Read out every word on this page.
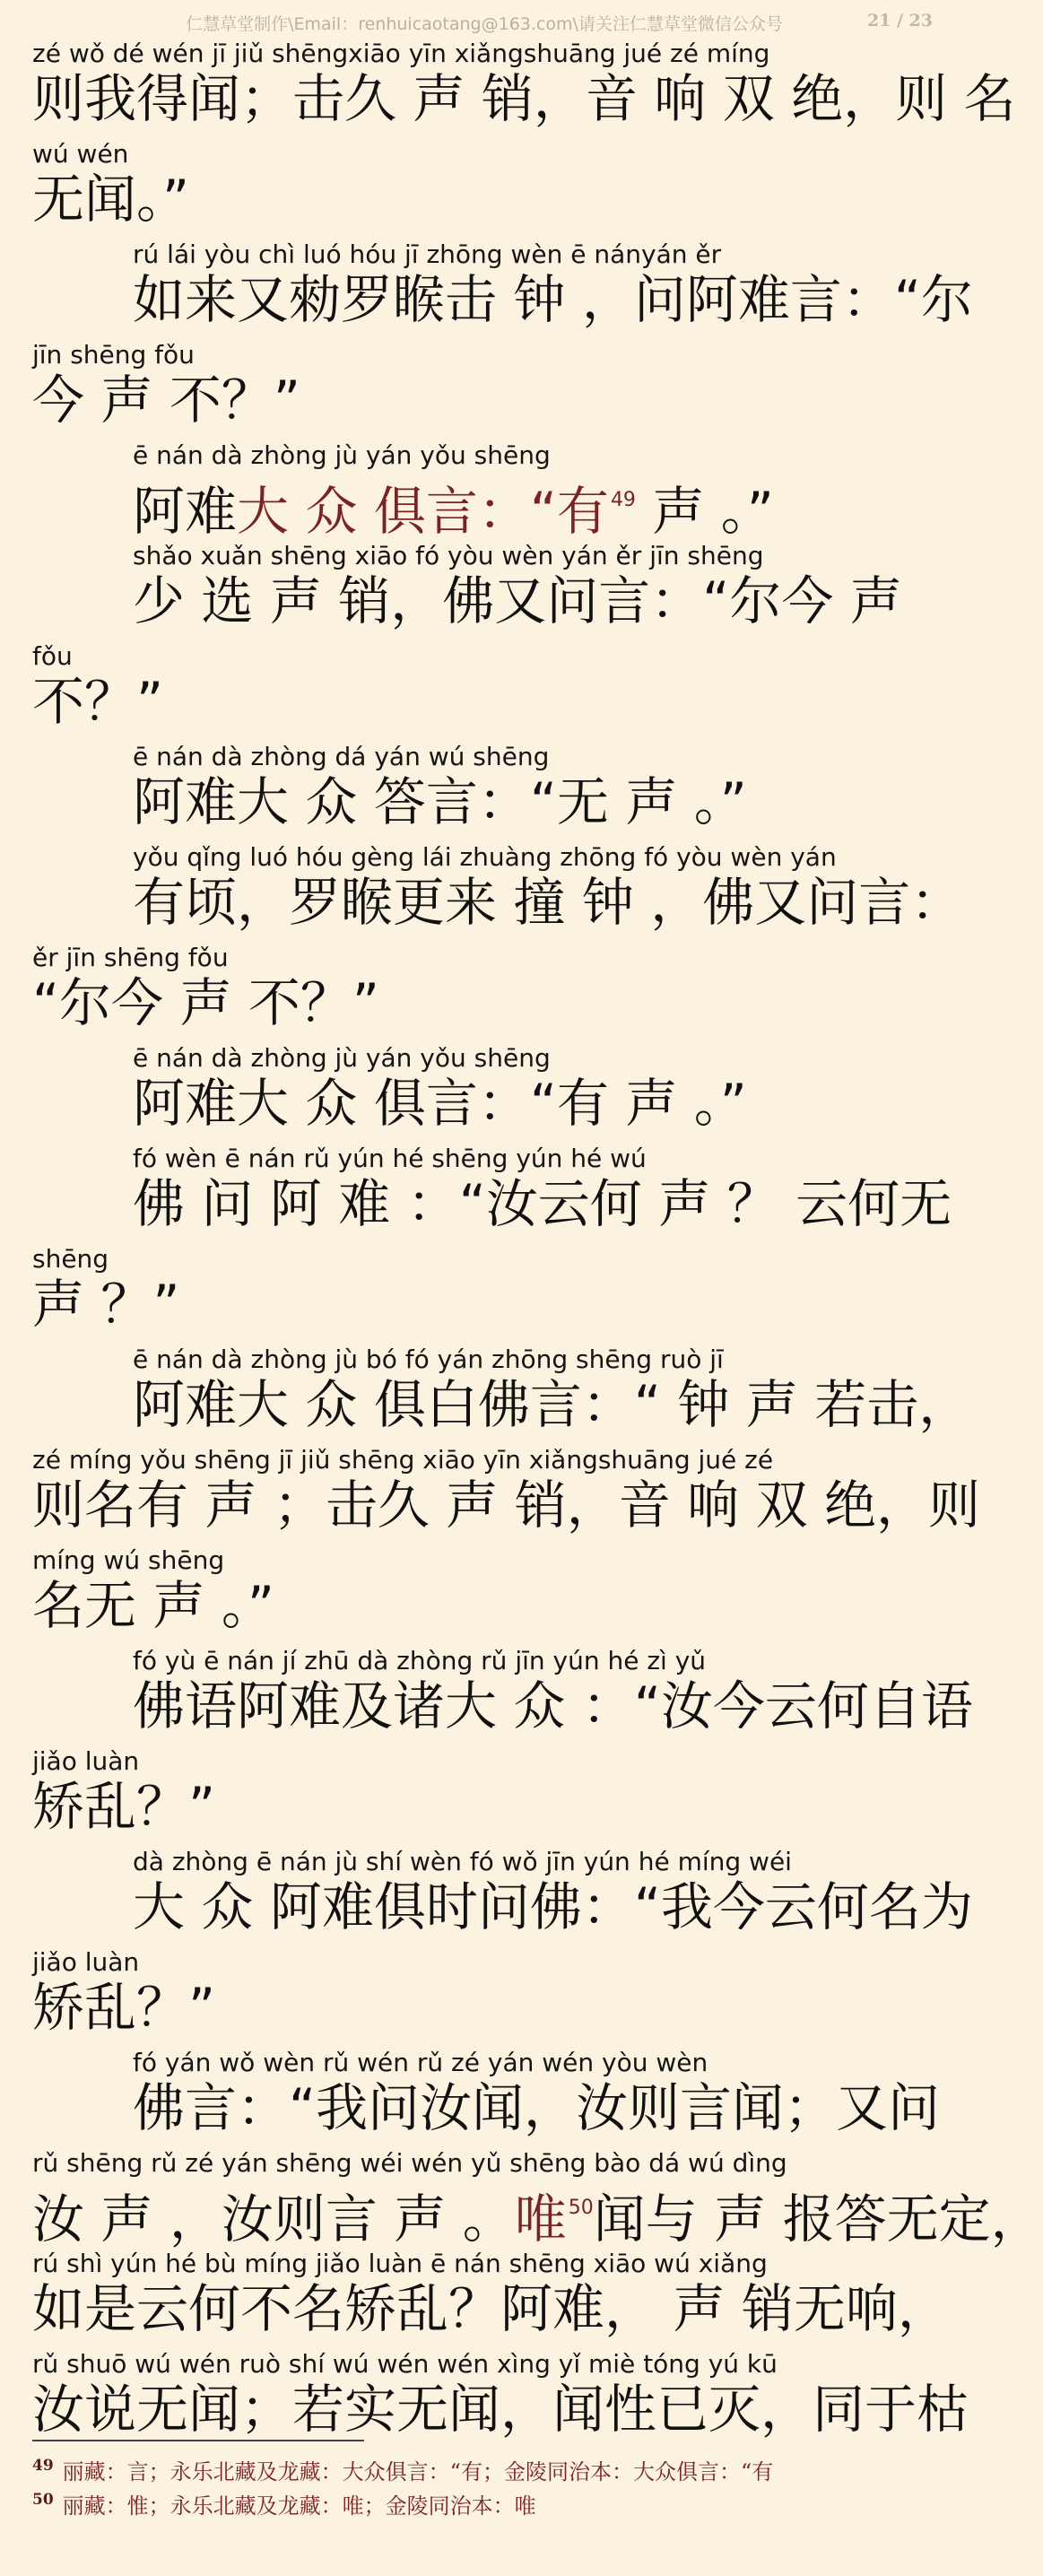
仁慧草堂制作\Email：renhuicaotang@163.com\请关注仁慧草堂微信公众号	21 / 23
zé wǒ dé wén jī jiǔ shēngxiāo yīn xiǎngshuāng jué zé míng
则我得闻；击久 声 销，音 响 双 绝，则 名
wú wén
无闻。”
rú lái yòu chì luó hóu jī zhōng wèn ē nányán ěr
如来又勑罗睺击 钟 ，问阿难言：“尔
jīn shēng fǒu
今 声 不？”
ē nán dà zhòng jù yán yǒu shēng
阿难大 众 俱言：“有$^{49}$ 声 。”
shǎo xuǎn shēng xiāo fó yòu wèn yán ěr jīn shēng
少 选 声 销，佛又问言：“尔今 声
fǒu
不？”
ē nán dà zhòng dá yán wú shēng
阿难大 众 答言：“无 声 。”
yǒu qǐng luó hóu gèng lái zhuàng zhōng fó yòu wèn yán
有顷，罗睺更来 撞 钟 ，佛又问言：
ěr jīn shēng fǒu
“尔今 声 不？”
ē nán dà zhòng jù yán yǒu shēng
阿难大 众 俱言：“有 声 。”
fó wèn ē nán rǔ yún hé shēng yún hé wú
佛 问 阿 难 ：“汝云何 声 ？ 云何无
shēng
声 ？”
ē nán dà zhòng jù bó fó yán zhōng shēng ruò jī
阿难大 众 俱白佛言：“ 钟 声 若击，
zé míng yǒu shēng jī jiǔ shēng xiāo yīn xiǎngshuāng jué zé
则名有 声 ；击久 声 销，音 响 双 绝，则
míng wú shēng
名无 声 。”
fó yù ē nán jí zhū dà zhòng rǔ jīn yún hé zì yǔ
佛语阿难及诸大 众 ：“汝今云何自语
jiǎo luàn
矫乱？”
dà zhòng ē nán jù shí wèn fó wǒ jīn yún hé míng wéi
大 众 阿难俱时问佛：“我今云何名为
jiǎo luàn
矫乱？”
fó yán wǒ wèn rǔ wén rǔ zé yán wén yòu wèn
佛言：“我问汝闻，汝则言闻；又问
rǔ shēng rǔ zé yán shēng wéi wén yǔ shēng bào dá wú dìng
汝 声 ，汝则言 声 。唯$^{50}$闻与 声 报答无定，
rú shì yún hé bù míng jiǎo luàn ē nán shēng xiāo wú xiǎng
如是云何不名矫乱？阿难， 声 销无响，
rǔ shuō wú wén ruò shí wú wén wén xìng yǐ miè tóng yú kū
汝说无闻；若实无闻，闻性已灭，同于枯
$^{49}$ 丽藏：言；永乐北藏及龙藏：大众俱言：“有；金陵同治本：大众俱言：“有
$^{50}$ 丽藏：惟；永乐北藏及龙藏：唯；金陵同治本：唯
